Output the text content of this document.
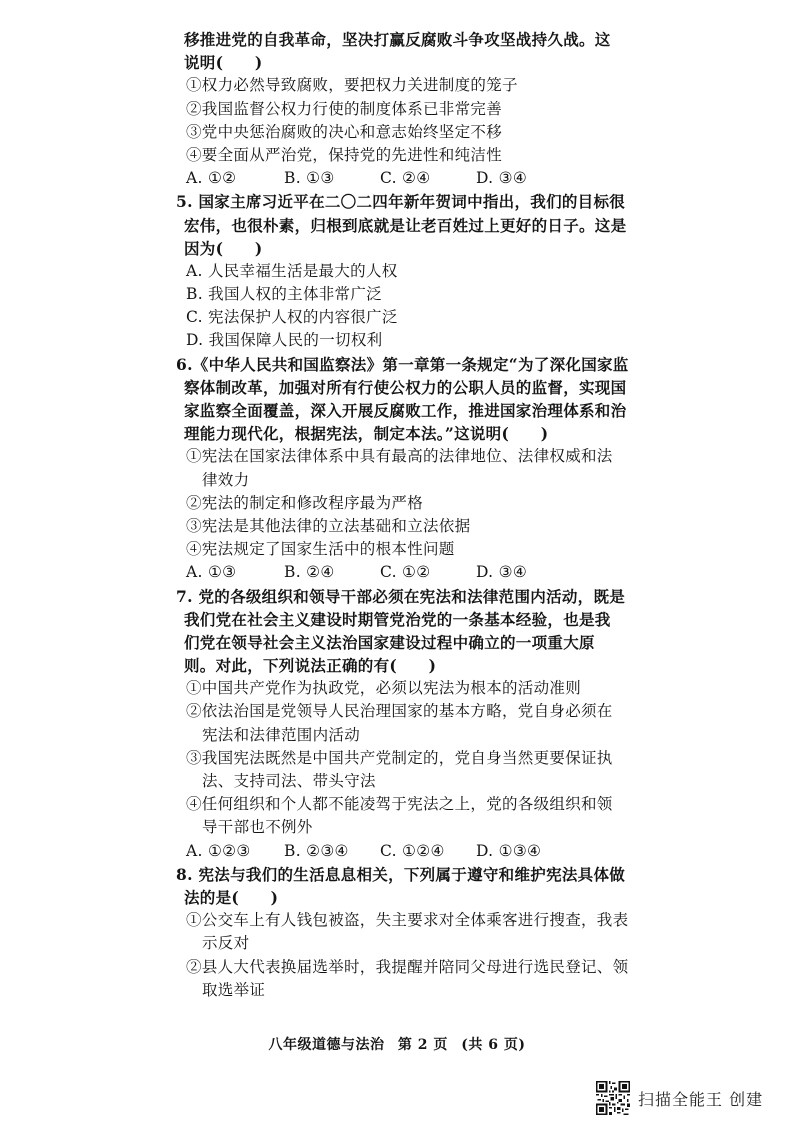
移推进党的自我革命，坚决打赢反腐败斗争攻坚战持久战。这
说明(　　)
①权力必然导致腐败，要把权力关进制度的笼子
②我国监督公权力行使的制度体系已非常完善
③党中央惩治腐败的决心和意志始终坚定不移
④要全面从严治党，保持党的先进性和纯洁性
A. ①②	B. ①③	C. ②④	D. ③④
5. 国家主席习近平在二〇二四年新年贺词中指出，我们的目标很
宏伟，也很朴素，归根到底就是让老百姓过上更好的日子。这是
因为(　　)
A. 人民幸福生活是最大的人权
B. 我国人权的主体非常广泛
C. 宪法保护人权的内容很广泛
D. 我国保障人民的一切权利
6.《中华人民共和国监察法》第一章第一条规定“为了深化国家监
察体制改革，加强对所有行使公权力的公职人员的监督，实现国
家监察全面覆盖，深入开展反腐败工作，推进国家治理体系和治
理能力现代化，根据宪法，制定本法。”这说明(　　)
①宪法在国家法律体系中具有最高的法律地位、法律权威和法
律效力
②宪法的制定和修改程序最为严格
③宪法是其他法律的立法基础和立法依据
④宪法规定了国家生活中的根本性问题
A. ①③	B. ②④	C. ①②	D. ③④
7. 党的各级组织和领导干部必须在宪法和法律范围内活动，既是
我们党在社会主义建设时期管党治党的一条基本经验，也是我
们党在领导社会主义法治国家建设过程中确立的一项重大原
则。对此，下列说法正确的有(　　)
①中国共产党作为执政党，必须以宪法为根本的活动准则
②依法治国是党领导人民治理国家的基本方略，党自身必须在
宪法和法律范围内活动
③我国宪法既然是中国共产党制定的，党自身当然更要保证执
法、支持司法、带头守法
④任何组织和个人都不能凌驾于宪法之上，党的各级组织和领
导干部也不例外
A. ①②③	B. ②③④	C. ①②④	D. ①③④
8. 宪法与我们的生活息息相关，下列属于遵守和维护宪法具体做
法的是(　　)
①公交车上有人钱包被盗，失主要求对全体乘客进行搜查，我表
示反对
②县人大代表换届选举时，我提醒并陪同父母进行选民登记、领
取选举证
八年级道德与法治 第 2 页 (共 6 页)
扫描全能王 创建
